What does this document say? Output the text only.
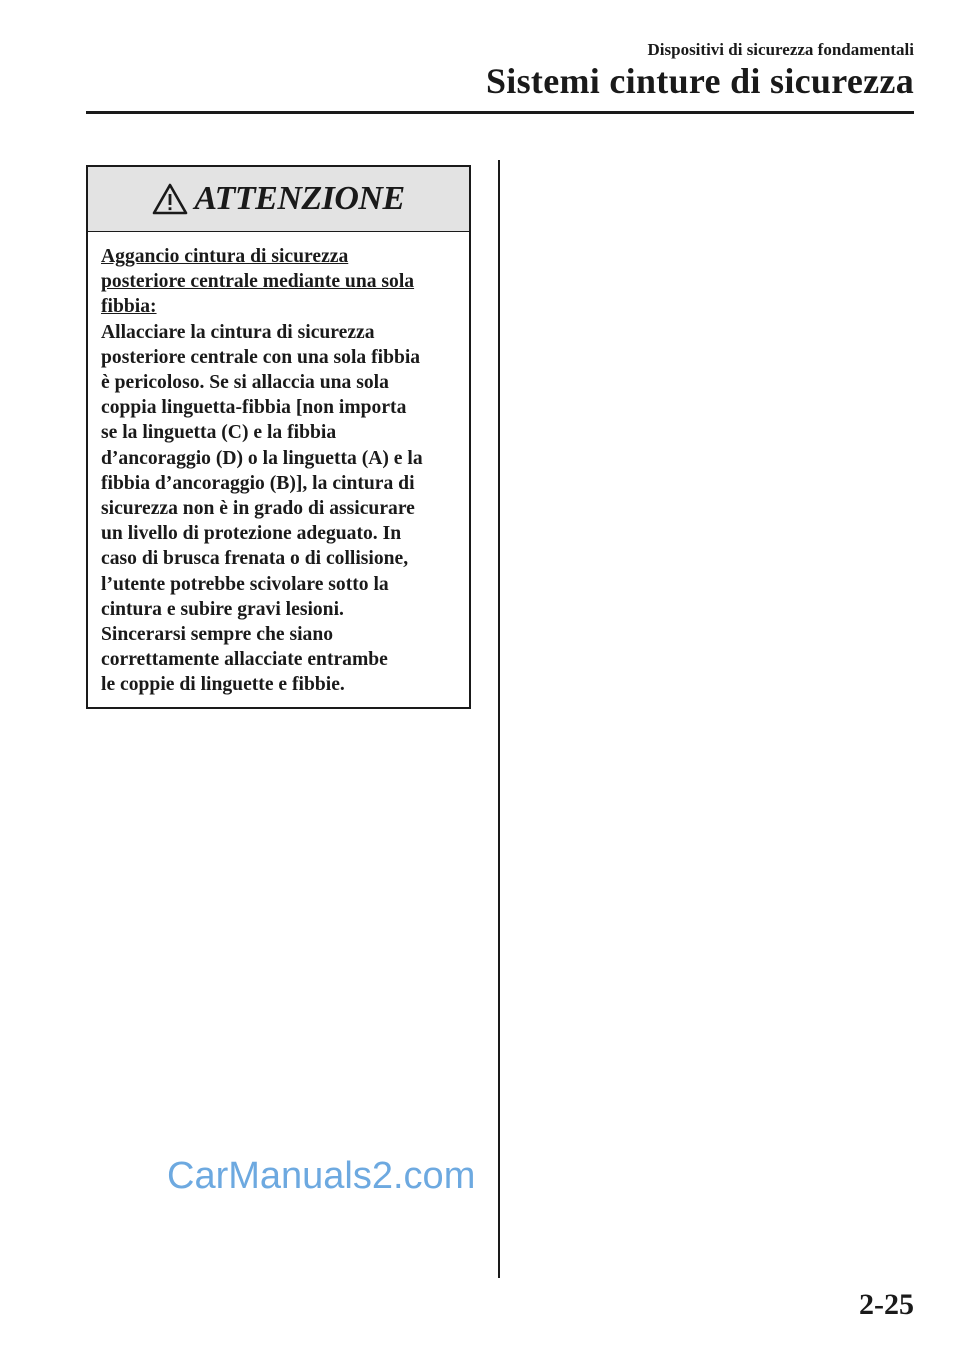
Dispositivi di sicurezza fondamentali
Sistemi cinture di sicurezza
ATTENZIONE

Aggancio cintura di sicurezza
posteriore centrale mediante una sola
fibbia:

Allacciare la cintura di sicurezza
posteriore centrale con una sola fibbia
è pericoloso. Se si allaccia una sola
coppia linguetta-fibbia [non importa
se la linguetta (C) e la fibbia
d’ancoraggio (D) o la linguetta (A) e la
fibbia d’ancoraggio (B)], la cintura di
sicurezza non è in grado di assicurare
un livello di protezione adeguato. In
caso di brusca frenata o di collisione,
l’utente potrebbe scivolare sotto la
cintura e subire gravi lesioni.
Sincerarsi sempre che siano
correttamente allacciate entrambe
le coppie di linguette e fibbie.

CarManuals2.com
2-25
